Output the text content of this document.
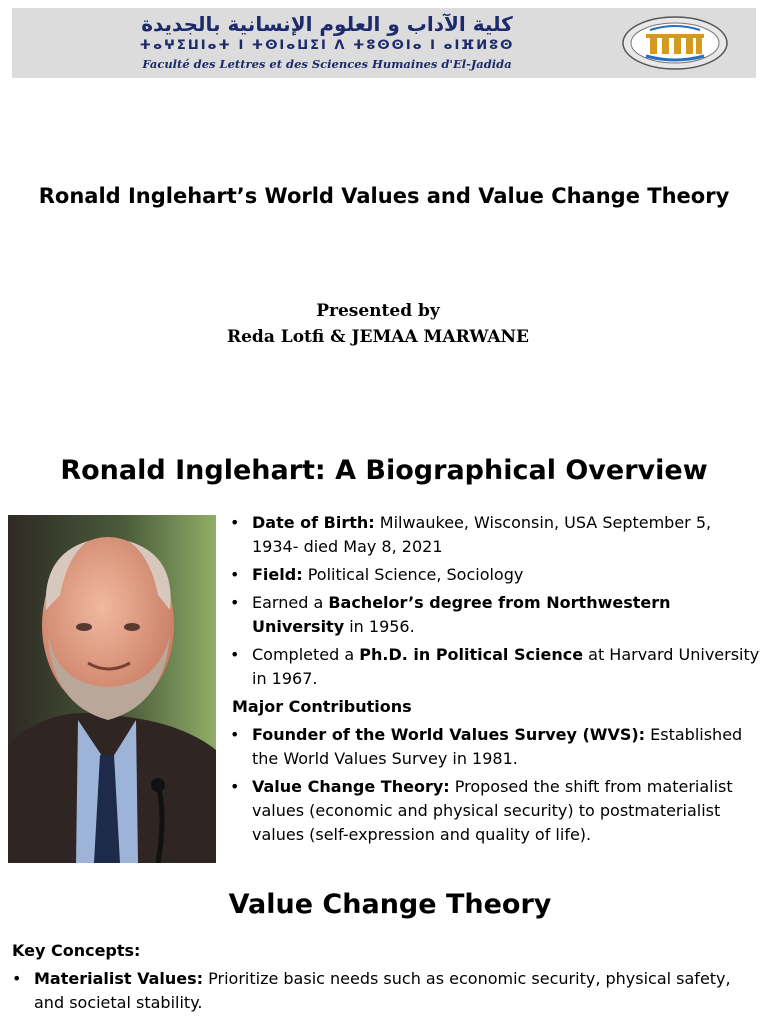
كلية الآداب و العلوم الإنسانية بالجديدة
ⵜⴰⵖⵉⵡⵏⴰⵜ ⵏ ⵜⵙⵏⴰⵡⵉⵏ ⴷ ⵜⵓⵙⵙⵏⴰ ⵏ ⴰⵏⴼⵍⵓⵙ
Faculté des Lettres et des Sciences Humaines d'El-Jadida
Ronald Inglehart’s World Values and Value Change Theory
Presented by
Reda Lotfi & JEMAA MARWANE
Ronald Inglehart: A Biographical Overview
• Date of Birth: Milwaukee, Wisconsin, USA September 5, 1934- died May 8, 2021
• Field: Political Science, Sociology
• Earned a Bachelor’s degree from Northwestern University in 1956.
• Completed a Ph.D. in Political Science at Harvard University in 1967.
Major Contributions
• Founder of the World Values Survey (WVS): Established the World Values Survey in 1981.
• Value Change Theory: Proposed the shift from materialist values (economic and physical security) to postmaterialist values (self-expression and quality of life).
Value Change Theory
Key Concepts:
• Materialist Values: Prioritize basic needs such as economic security, physical safety, and societal stability.
